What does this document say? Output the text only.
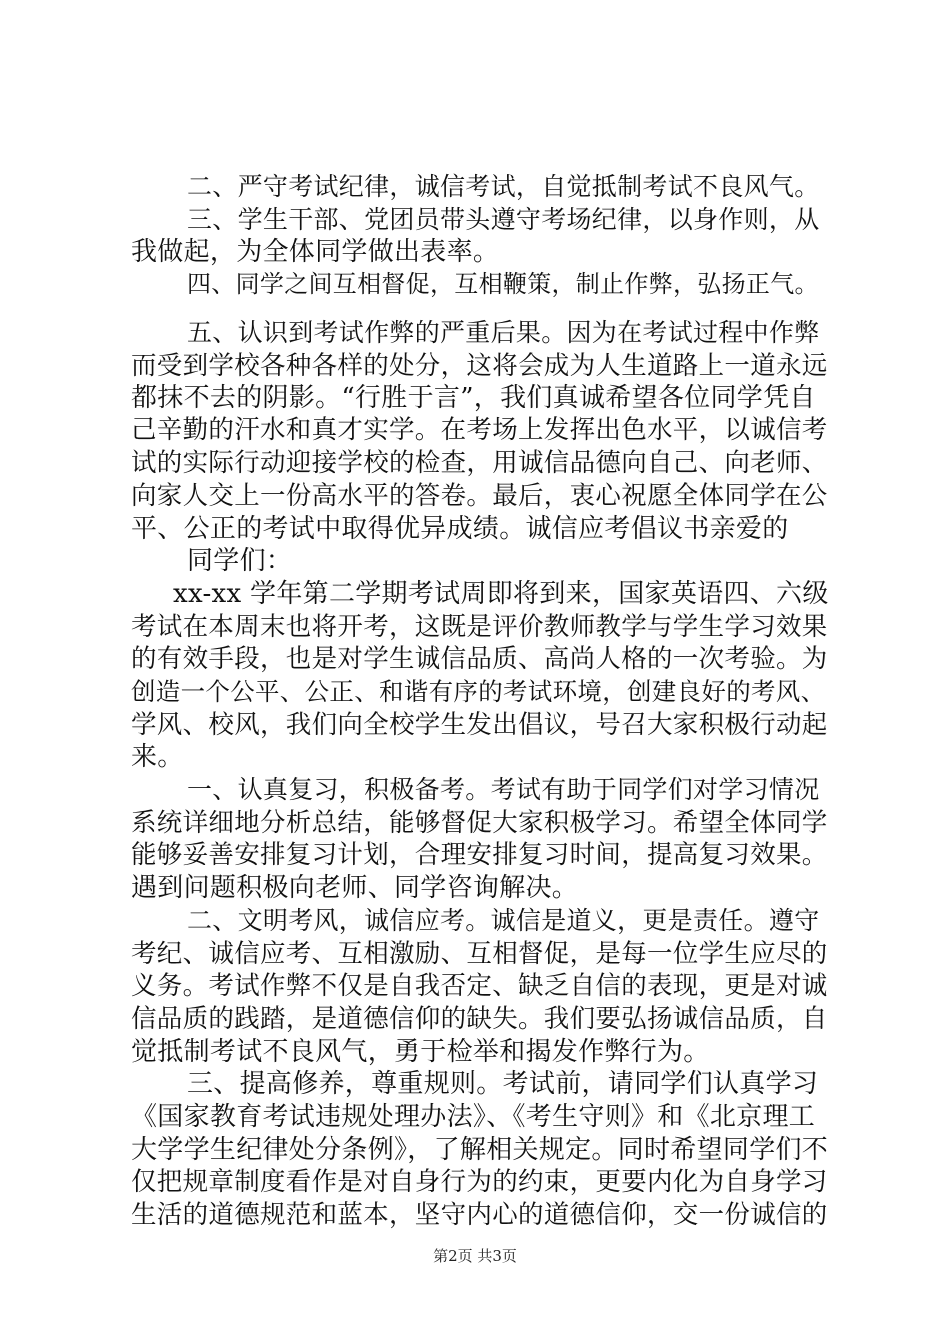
二、严守考试纪律，诚信考试，自觉抵制考试不良风气。
三、学生干部、党团员带头遵守考场纪律，以身作则，从
我做起，为全体同学做出表率。
四、同学之间互相督促，互相鞭策，制止作弊，弘扬正气。
五、认识到考试作弊的严重后果。因为在考试过程中作弊
而受到学校各种各样的处分，这将会成为人生道路上一道永远
都抹不去的阴影。“行胜于言”，我们真诚希望各位同学凭自
己辛勤的汗水和真才实学。在考场上发挥出色水平，以诚信考
试的实际行动迎接学校的检查，用诚信品德向自己、向老师、
向家人交上一份高水平的答卷。最后，衷心祝愿全体同学在公
平、公正的考试中取得优异成绩。诚信应考倡议书亲爱的
同学们：
xx-xx 学年第二学期考试周即将到来，国家英语四、六级
考试在本周末也将开考，这既是评价教师教学与学生学习效果
的有效手段，也是对学生诚信品质、高尚人格的一次考验。为
创造一个公平、公正、和谐有序的考试环境，创建良好的考风、
学风、校风，我们向全校学生发出倡议，号召大家积极行动起
来。
一、认真复习，积极备考。考试有助于同学们对学习情况
系统详细地分析总结，能够督促大家积极学习。希望全体同学
能够妥善安排复习计划，合理安排复习时间，提高复习效果。
遇到问题积极向老师、同学咨询解决。
二、文明考风，诚信应考。诚信是道义，更是责任。遵守
考纪、诚信应考、互相激励、互相督促，是每一位学生应尽的
义务。考试作弊不仅是自我否定、缺乏自信的表现，更是对诚
信品质的践踏，是道德信仰的缺失。我们要弘扬诚信品质，自
觉抵制考试不良风气，勇于检举和揭发作弊行为。
三、提高修养，尊重规则。考试前，请同学们认真学习
《国家教育考试违规处理办法》、《考生守则》和《北京理工
大学学生纪律处分条例》，了解相关规定。同时希望同学们不
仅把规章制度看作是对自身行为的约束，更要内化为自身学习
生活的道德规范和蓝本，坚守内心的道德信仰，交一份诚信的
第2页 共3页
